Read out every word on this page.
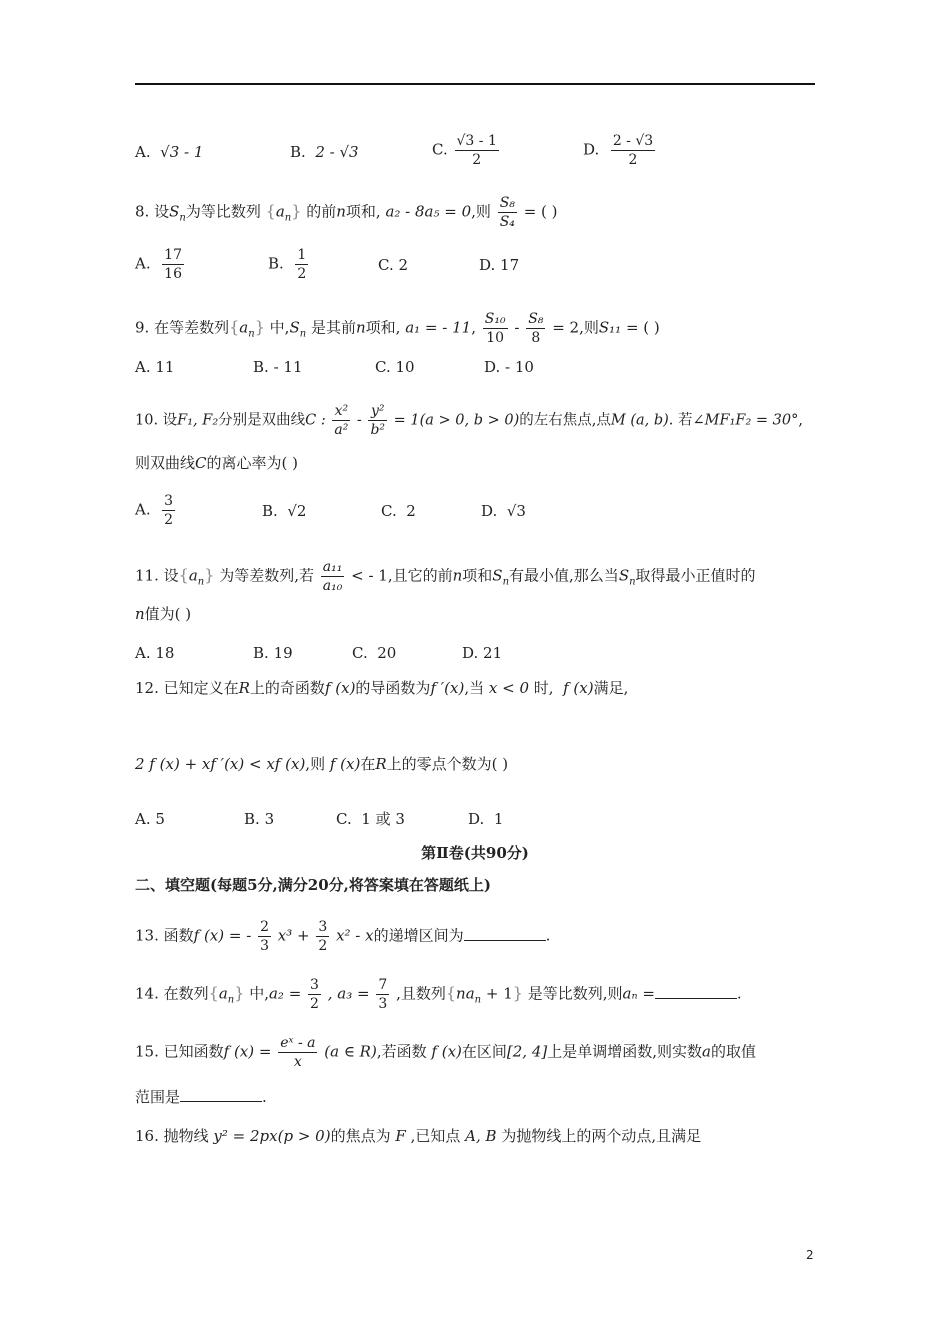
A. √3 - 1	B. 2 - √3	C. $\frac{√3 - 1}{2}$	D. $\frac{2 - √3}{2}$
8. 设$S_n$为等比数列 $\{a_n\}$ 的前n项和, a₂ - 8a₅ = 0,则 $\frac{\text{S₈}}{\text{S₄}}$ = ( )
A. $\frac{17}{16}$	B. $\frac{1}{2}$	C. 2	D. 17
9. 在等差数列$\{a_n\}$ 中$,S_n$ 是其前n项和, a₁ = - 11, $\frac{\text{S₁₀}}{10} - \frac{\text{S₈}}{8} = 2$,则S₁₁ = ( )
A. 11	B. - 11	C. 10	D. - 10
10. 设F₁, F₂分别是双曲线C : $\frac{\text{x²}}{\text{a²}} - \frac{\text{y²}}{\text{b²}} = 1(a > 0$, b > 0)的左右焦点,点M (a, b). 若∠MF₁F₂ = 30°,
则双曲线C的离心率为( )
A. $\frac{3}{2}$	B. √2	C. 2	D. √3
11. 设$\{a_n\}$ 为等差数列,若 $\frac{\text{a₁₁}}{\text{a₁₀}}$ < - 1,且它的前n项和$S_n$有最小值,那么当$S_n$取得最小正值时的
n值为( )
A. 18	B. 19	C. 20	D. 21
12. 已知定义在R上的奇函数f (x)的导函数为f ′(x),当 x < 0 时, f (x)满足,
2 f (x) + xf ′(x) < xf (x),则 f (x)在R上的零点个数为( )
A. 5	B. 3	C. 1 或 3	D. 1
第Ⅱ卷(共90分)
二、填空题(每题5分,满分20分,将答案填在答题纸上)
13. 函数f (x) = - $\frac{2}{3} x^3 + \frac{3}{2} x^2 - x$的递增区间为	.
14. 在数列$\{a_n\}$ 中$,a_2 = \frac{3}{2}$ , $a_3 = \frac{7}{3}$ ,且数列$\{na_n + 1\}$ 是等比数列,则aₙ =	.
15. 已知函数f $(x) = \frac{\text{eˣ - a}}{x} (a$ ∈ R),若函数 f (x)在区间[2, 4]上是单调增函数,则实数a的取值
范围是	.
16. 抛物线 y² = 2px(p > 0)的焦点为 F ,已知点 A, B 为抛物线上的两个动点,且满足
2
